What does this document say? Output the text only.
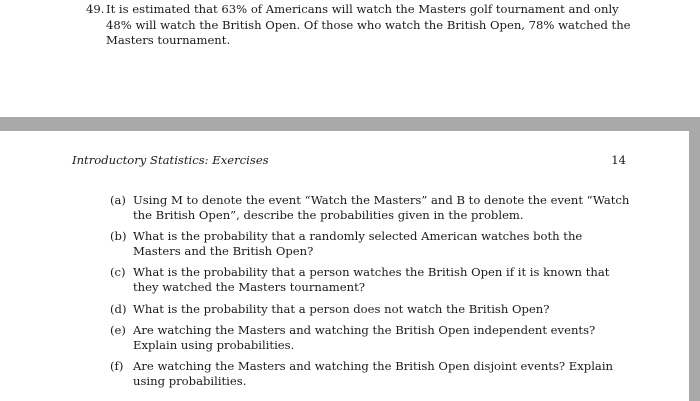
49. It is estimated that 63% of Americans will watch the Masters golf tournament and only 48% will watch the British Open. Of those who watch the British Open, 78% watched the Masters tournament.
Introductory Statistics: Exercises	14
(a) Using M to denote the event “Watch the Masters” and B to denote the event “Watch the British Open”, describe the probabilities given in the problem.
(b) What is the probability that a randomly selected American watches both the Masters and the British Open?
(c) What is the probability that a person watches the British Open if it is known that they watched the Masters tournament?
(d) What is the probability that a person does not watch the British Open?
(e) Are watching the Masters and watching the British Open independent events? Explain using probabilities.
(f) Are watching the Masters and watching the British Open disjoint events? Explain using probabilities.
